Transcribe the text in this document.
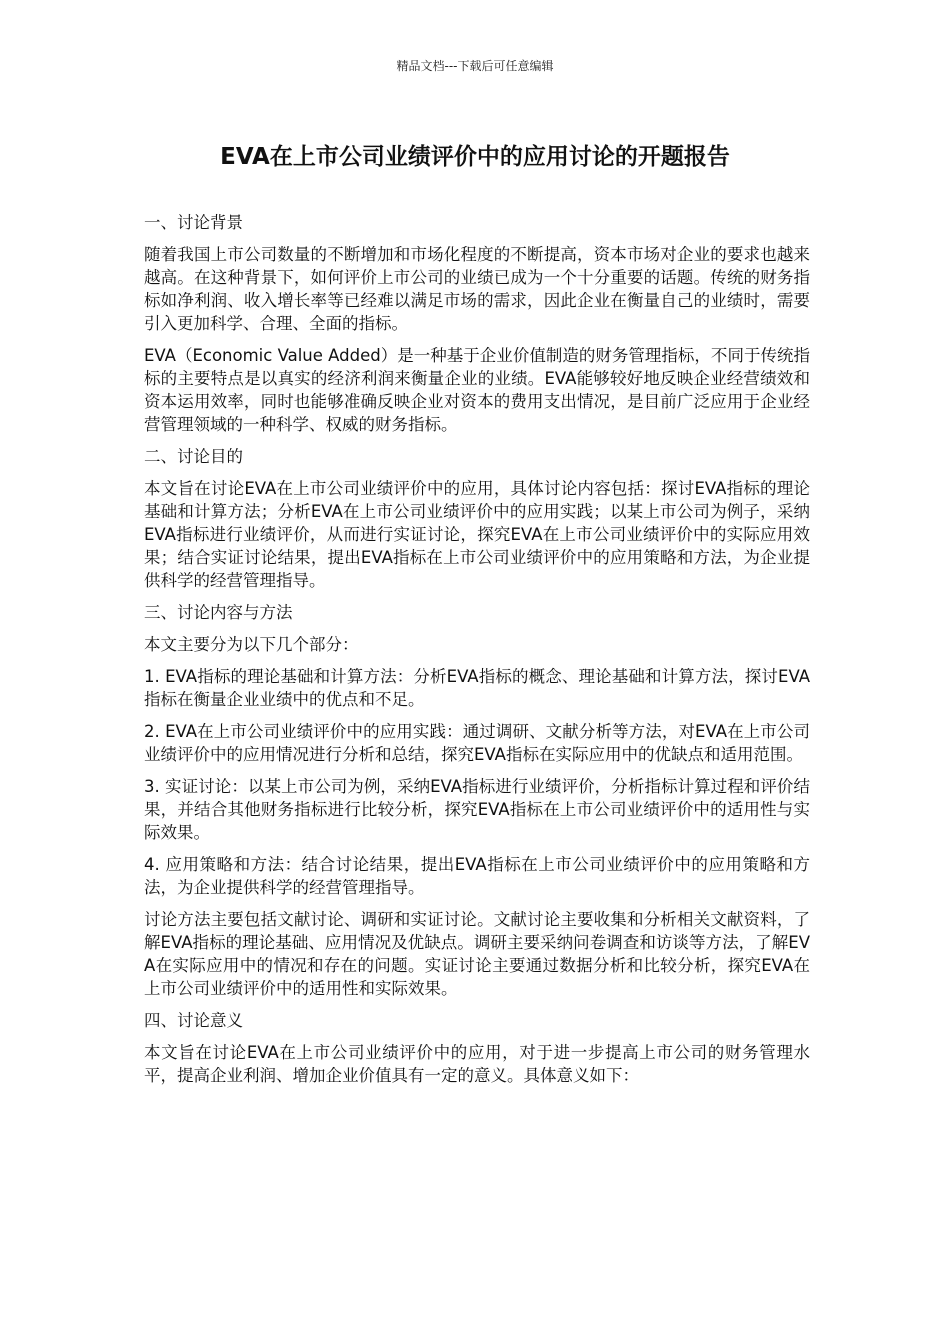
精品文档---下载后可任意编辑
EVA在上市公司业绩评价中的应用讨论的开题报告

一、讨论背景

随着我国上市公司数量的不断增加和市场化程度的不断提高，资本市场对企业的要求也越来越高。在这种背景下，如何评价上市公司的业绩已成为一个十分重要的话题。传统的财务指标如净利润、收入增长率等已经难以满足市场的需求，因此企业在衡量自己的业绩时，需要引入更加科学、合理、全面的指标。

EVA（Economic Value Added）是一种基于企业价值制造的财务管理指标，不同于传统指标的主要特点是以真实的经济利润来衡量企业的业绩。EVA能够较好地反映企业经营绩效和资本运用效率，同时也能够准确反映企业对资本的费用支出情况，是目前广泛应用于企业经营管理领域的一种科学、权威的财务指标。

二、讨论目的

本文旨在讨论EVA在上市公司业绩评价中的应用，具体讨论内容包括：探讨EVA指标的理论基础和计算方法；分析EVA在上市公司业绩评价中的应用实践；以某上市公司为例子，采纳EVA指标进行业绩评价，从而进行实证讨论，探究EVA在上市公司业绩评价中的实际应用效果；结合实证讨论结果，提出EVA指标在上市公司业绩评价中的应用策略和方法，为企业提供科学的经营管理指导。

三、讨论内容与方法

本文主要分为以下几个部分：

1. EVA指标的理论基础和计算方法：分析EVA指标的概念、理论基础和计算方法，探讨EVA指标在衡量企业业绩中的优点和不足。

2. EVA在上市公司业绩评价中的应用实践：通过调研、文献分析等方法，对EVA在上市公司业绩评价中的应用情况进行分析和总结，探究EVA指标在实际应用中的优缺点和适用范围。

3. 实证讨论：以某上市公司为例，采纳EVA指标进行业绩评价，分析指标计算过程和评价结果，并结合其他财务指标进行比较分析，探究EVA指标在上市公司业绩评价中的适用性与实际效果。

4. 应用策略和方法：结合讨论结果，提出EVA指标在上市公司业绩评价中的应用策略和方法，为企业提供科学的经营管理指导。

讨论方法主要包括文献讨论、调研和实证讨论。文献讨论主要收集和分析相关文献资料，了解EVA指标的理论基础、应用情况及优缺点。调研主要采纳问卷调查和访谈等方法，了解EVA在实际应用中的情况和存在的问题。实证讨论主要通过数据分析和比较分析，探究EVA在上市公司业绩评价中的适用性和实际效果。

四、讨论意义

本文旨在讨论EVA在上市公司业绩评价中的应用，对于进一步提高上市公司的财务管理水平，提高企业利润、增加企业价值具有一定的意义。具体意义如下：
